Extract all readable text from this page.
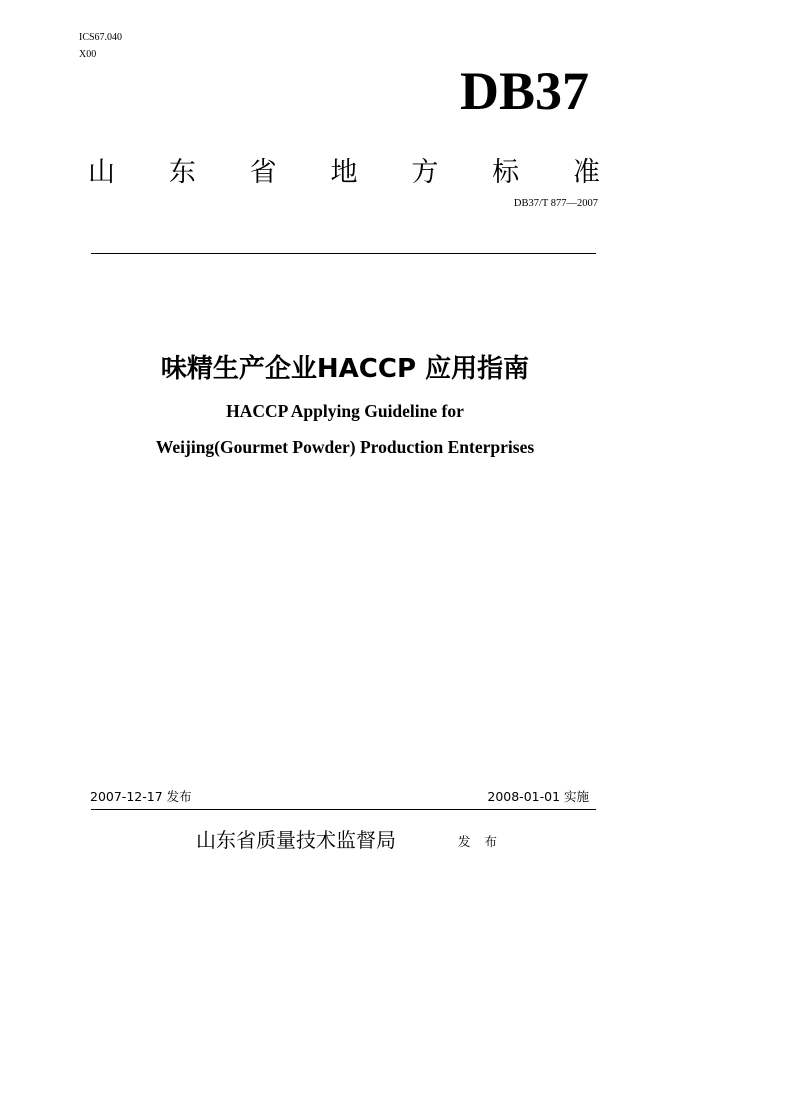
ICS67.040
X00
DB37
山 东 省 地 方 标 准
DB37/T 877—2007
味精生产企业HACCP 应用指南
HACCP Applying Guideline for
Weijing(Gourmet Powder) Production Enterprises
2007-12-17 发布	2008-01-01 实施
山东省质量技术监督局	发 布
